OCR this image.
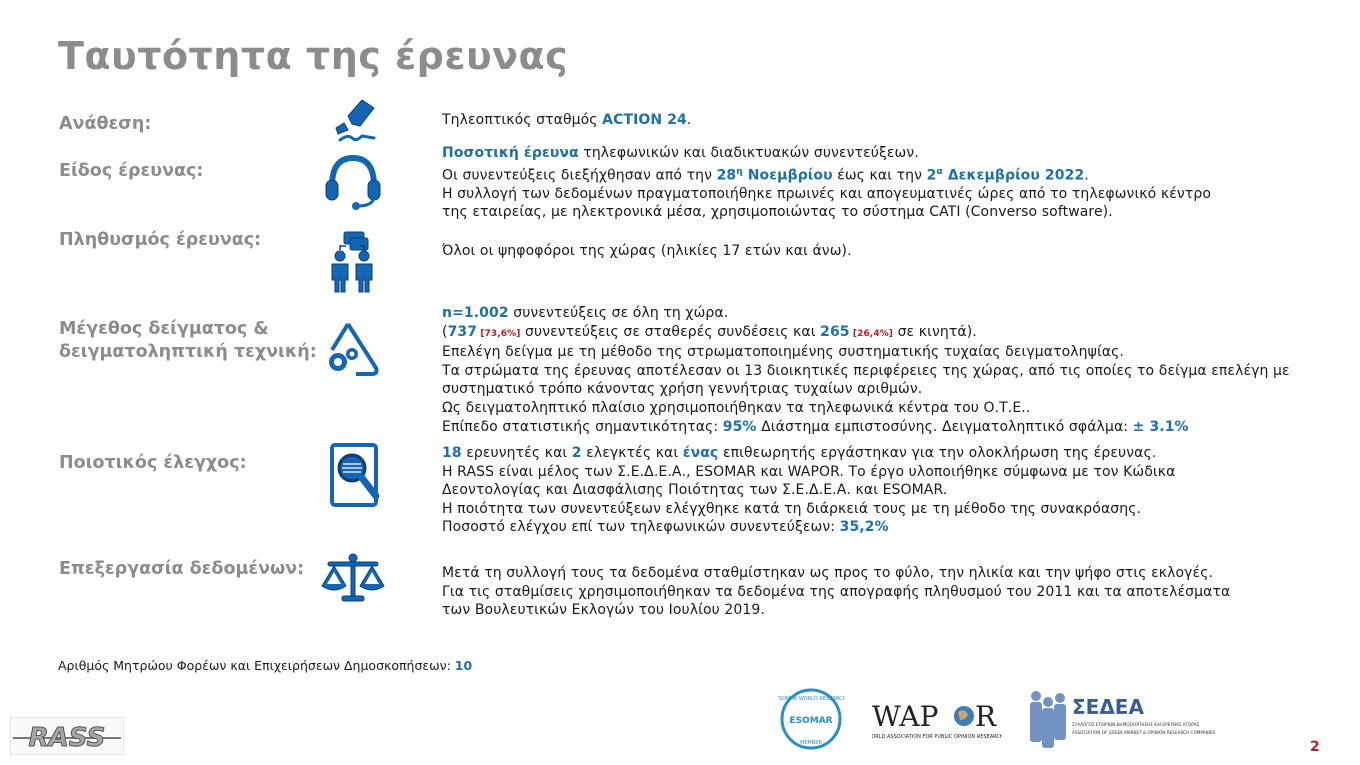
Ταυτότητα της έρευνας
Ανάθεση:	Τηλεοπτικός σταθμός ACTION 24.
Είδος έρευνας:
Ποσοτική έρευνα τηλεφωνικών και διαδικτυακών συνεντεύξεων.
Οι συνεντεύξεις διεξήχθησαν από την $28^\eta$ Νοεμβρίου έως και την $2^\alpha$ Δεκεμβρίου 2022.
Η συλλογή των δεδομένων πραγματοποιήθηκε πρωινές και απογευματινές ώρες από το τηλεφωνικό κέντρο
της εταιρείας, με ηλεκτρονικά μέσα, χρησιμοποιώντας το σύστημα CATI (Converso software).
Πληθυσμός έρευνας:
Όλοι οι ψηφοφόροι της χώρας (ηλικίες 17 ετών και άνω).
Μέγεθος δείγματος &
δειγματοληπτική τεχνική:
n=1.002 συνεντεύξεις σε όλη τη χώρα.
(737 [73,6%] συνεντεύξεις σε σταθερές συνδέσεις και 265 [26,4%] σε κινητά).
Επελέγη δείγμα με τη μέθοδο της στρωματοποιημένης συστηματικής τυχαίας δειγματοληψίας.
Τα στρώματα της έρευνας αποτέλεσαν οι 13 διοικητικές περιφέρειες της χώρας, από τις οποίες το δείγμα επελέγη με
συστηματικό τρόπο κάνοντας χρήση γεννήτριας τυχαίων αριθμών.
Ως δειγματοληπτικό πλαίσιο χρησιμοποιήθηκαν τα τηλεφωνικά κέντρα του Ο.Τ.Ε..
Επίπεδο στατιστικής σημαντικότητας: 95% Διάστημα εμπιστοσύνης. Δειγματοληπτικό σφάλμα: ± 3.1%
Ποιοτικός έλεγχος:	18 ερευνητές και 2 ελεγκτές και ένας επιθεωρητής εργάστηκαν για την ολοκλήρωση της έρευνας.
Η RASS είναι μέλος των Σ.Ε.Δ.Ε.Α., ESOMAR και WAPOR. Το έργο υλοποιήθηκε σύμφωνα με τον Κώδικα
Δεοντολογίας και Διασφάλισης Ποιότητας των Σ.Ε.Δ.Ε.Α. και ESOMAR.
Η ποιότητα των συνεντεύξεων ελέγχθηκε κατά τη διάρκειά τους με τη μέθοδο της συνακρόασης.
Ποσοστό ελέγχου επί των τηλεφωνικών συνεντεύξεων: 35,2%
Επεξεργασία δεδομένων:	Μετά τη συλλογή τους τα δεδομένα σταθμίστηκαν ως προς το φύλο, την ηλικία και την ψήφο στις εκλογές.
Για τις σταθμίσεις χρησιμοποιήθηκαν τα δεδομένα της απογραφής πληθυσμού του 2011 και τα αποτελέσματα
των Βουλευτικών Εκλογών του Ιουλίου 2019.
Αριθμός Μητρώου Φορέων και Επιχειρήσεων Δημοσκοπήσεων: 10
RASS
ESOMAR
ESOMAR WORLD RESEARCH
MEMBER
WAP R
WORLD ASSOCIATION FOR PUBLIC OPINION RESEARCH
ΣΕΔΕΑ
ΣΥΛΛΟΓΟΣ ΕΤΑΙΡΙΩΝ ΔΗΜΟΣΚΟΠΗΣΗΣ ΚΑΙ ΕΡΕΥΝΑΣ ΑΓΟΡΑΣ
ASSOCIATION OF GREEK MARKET & OPINION RESEARCH COMPANIES
2
